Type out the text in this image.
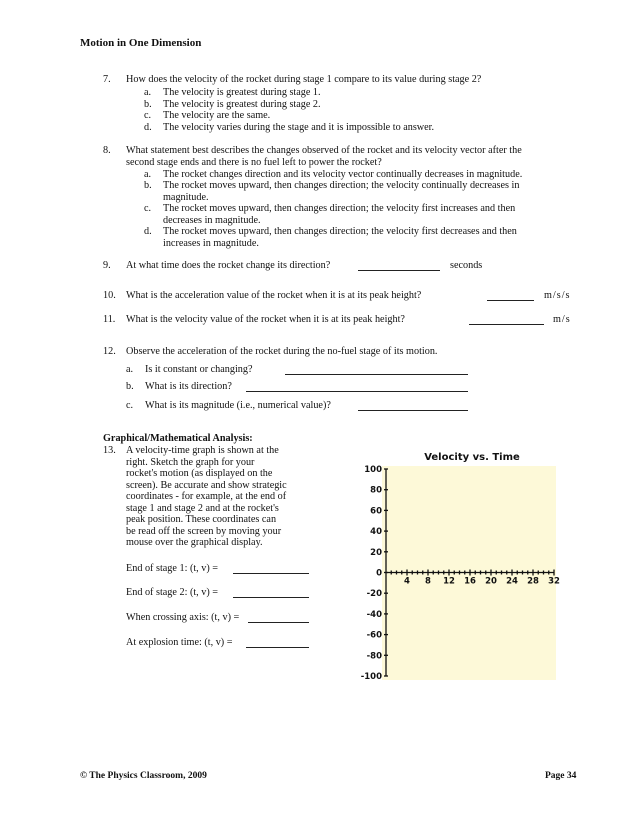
Motion in One Dimension
7. How does the velocity of the rocket during stage 1 compare to its value during stage 2?
a. The velocity is greatest during stage 1.
b. The velocity is greatest during stage 2.
c. The velocity are the same.
d. The velocity varies during the stage and it is impossible to answer.
8. What statement best describes the changes observed of the rocket and its velocity vector after the
second stage ends and there is no fuel left to power the rocket?
a. The rocket changes direction and its velocity vector continually decreases in magnitude.
b. The rocket moves upward, then changes direction; the velocity continually decreases in
magnitude.
c. The rocket moves upward, then changes direction; the velocity first increases and then
decreases in magnitude.
d. The rocket moves upward, then changes direction; the velocity first decreases and then
increases in magnitude.
9. At what time does the rocket change its direction?	seconds
10. What is the acceleration value of the rocket when it is at its peak height?	m/s/s
11. What is the velocity value of the rocket when it is at its peak height?	m/s
12. Observe the acceleration of the rocket during the no-fuel stage of its motion.
a. Is it constant or changing?
b. What is its direction?
c. What is its magnitude (i.e., numerical value)?
Graphical/Mathematical Analysis:
13. A velocity-time graph is shown at the
right. Sketch the graph for your
rocket's motion (as displayed on the
screen). Be accurate and show strategic
coordinates - for example, at the end of
stage 1 and stage 2 and at the rocket's
peak position. These coordinates can
be read off the screen by moving your
mouse over the graphical display.
End of stage 1: (t, v) =
End of stage 2: (t, v) =
When crossing axis: (t, v) =
At explosion time: (t, v) =
Velocity vs. Time
100
80
60
40
20
0
-20
-40
-60
-80
-100
4 8 12 16 20 24 28 32
© The Physics Classroom, 2009	Page 34
